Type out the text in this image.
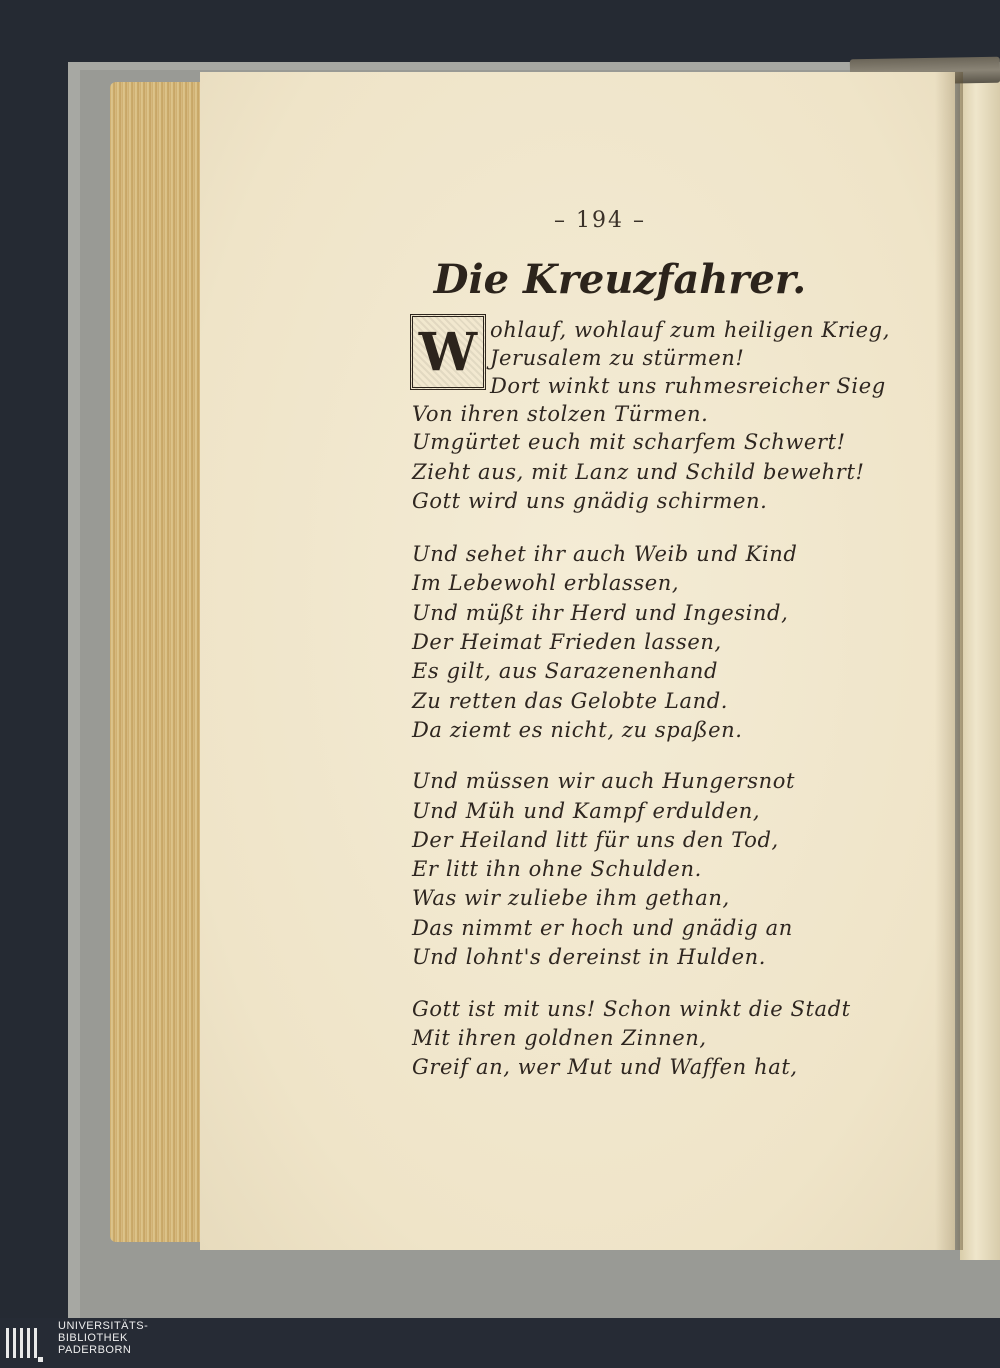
– 194 –
Die Kreuzfahrer.
W ohlauf, wohlauf zum heiligen Krieg,
Jerusalem zu stürmen!
Dort winkt uns ruhmesreicher Sieg
Von ihren stolzen Türmen.
Umgürtet euch mit scharfem Schwert!
Zieht aus, mit Lanz und Schild bewehrt!
Gott wird uns gnädig schirmen.
Und sehet ihr auch Weib und Kind
Im Lebewohl erblassen,
Und müßt ihr Herd und Ingesind,
Der Heimat Frieden lassen,
Es gilt, aus Sarazenenhand
Zu retten das Gelobte Land.
Da ziemt es nicht, zu spaßen.
Und müssen wir auch Hungersnot
Und Müh und Kampf erdulden,
Der Heiland litt für uns den Tod,
Er litt ihn ohne Schulden.
Was wir zuliebe ihm gethan,
Das nimmt er hoch und gnädig an
Und lohnt's dereinst in Hulden.
Gott ist mit uns! Schon winkt die Stadt
Mit ihren goldnen Zinnen,
Greif an, wer Mut und Waffen hat,
UNIVERSITÄTS-
BIBLIOTHEK
PADERBORN
